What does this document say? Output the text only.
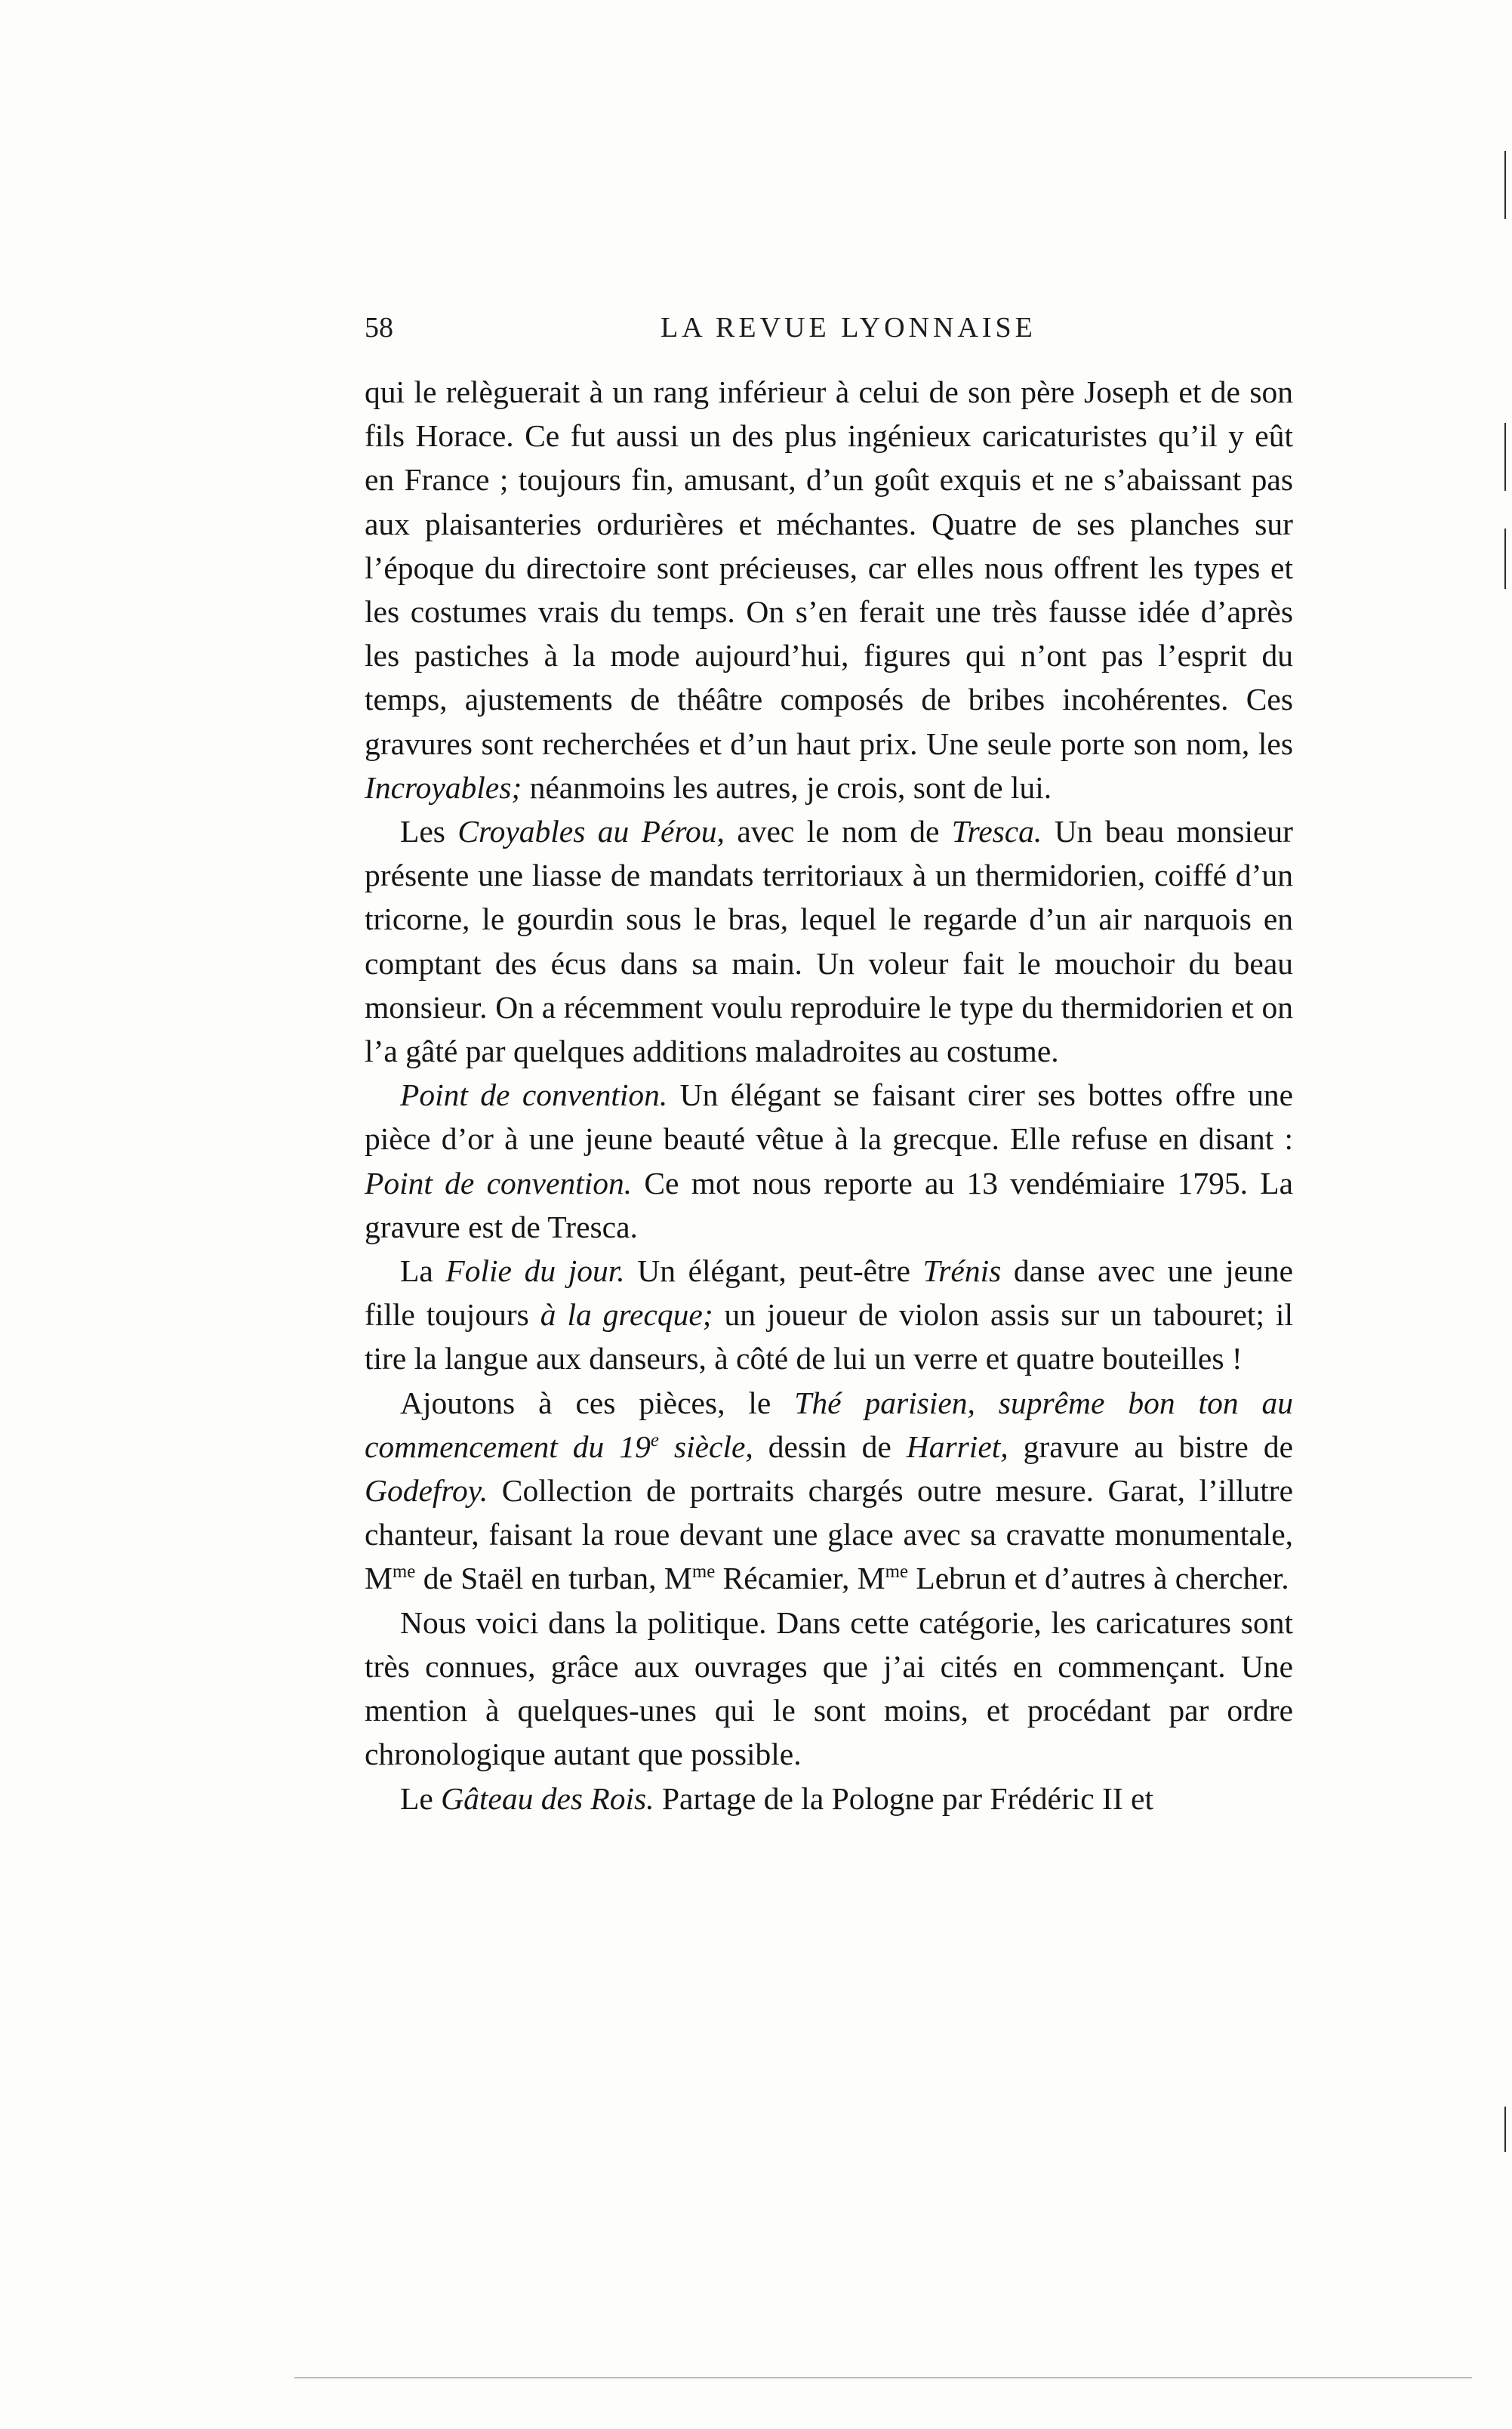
58	LA REVUE LYONNAISE

qui le relèguerait à un rang inférieur à celui de son père Joseph et de son fils Horace. Ce fut aussi un des plus ingénieux caricaturistes qu’il y eût en France ; toujours fin, amusant, d’un goût exquis et ne s’abaissant pas aux plaisanteries ordurières et méchantes. Quatre de ses planches sur l’époque du directoire sont précieuses, car elles nous offrent les types et les costumes vrais du temps. On s’en ferait une très fausse idée d’après les pastiches à la mode aujourd’hui, figures qui n’ont pas l’esprit du temps, ajustements de théâtre composés de bribes incohérentes. Ces gravures sont recherchées et d’un haut prix. Une seule porte son nom, les Incroyables; néanmoins les autres, je crois, sont de lui.

Les Croyables au Pérou, avec le nom de Tresca. Un beau monsieur présente une liasse de mandats territoriaux à un thermidorien, coiffé d’un tricorne, le gourdin sous le bras, lequel le regarde d’un air narquois en comptant des écus dans sa main. Un voleur fait le mouchoir du beau monsieur. On a récemment voulu reproduire le type du thermidorien et on l’a gâté par quelques additions maladroites au costume.

Point de convention. Un élégant se faisant cirer ses bottes offre une pièce d’or à une jeune beauté vêtue à la grecque. Elle refuse en disant : Point de convention. Ce mot nous reporte au 13 vendémiaire 1795. La gravure est de Tresca.

La Folie du jour. Un élégant, peut-être Trénis danse avec une jeune fille toujours à la grecque; un joueur de violon assis sur un tabouret; il tire la langue aux danseurs, à côté de lui un verre et quatre bouteilles !

Ajoutons à ces pièces, le Thé parisien, suprême bon ton au commencement du 19e siècle, dessin de Harriet, gravure au bistre de Godefroy. Collection de portraits chargés outre mesure. Garat, l’illutre chanteur, faisant la roue devant une glace avec sa cravatte monumentale, $M^{me}$ de Staël en turban, $M^{me}$ Récamier, $M^{me}$ Lebrun et d’autres à chercher.

Nous voici dans la politique. Dans cette catégorie, les caricatures sont très connues, grâce aux ouvrages que j’ai cités en commençant. Une mention à quelques-unes qui le sont moins, et procédant par ordre chronologique autant que possible.

Le Gâteau des Rois. Partage de la Pologne par Frédéric II et
